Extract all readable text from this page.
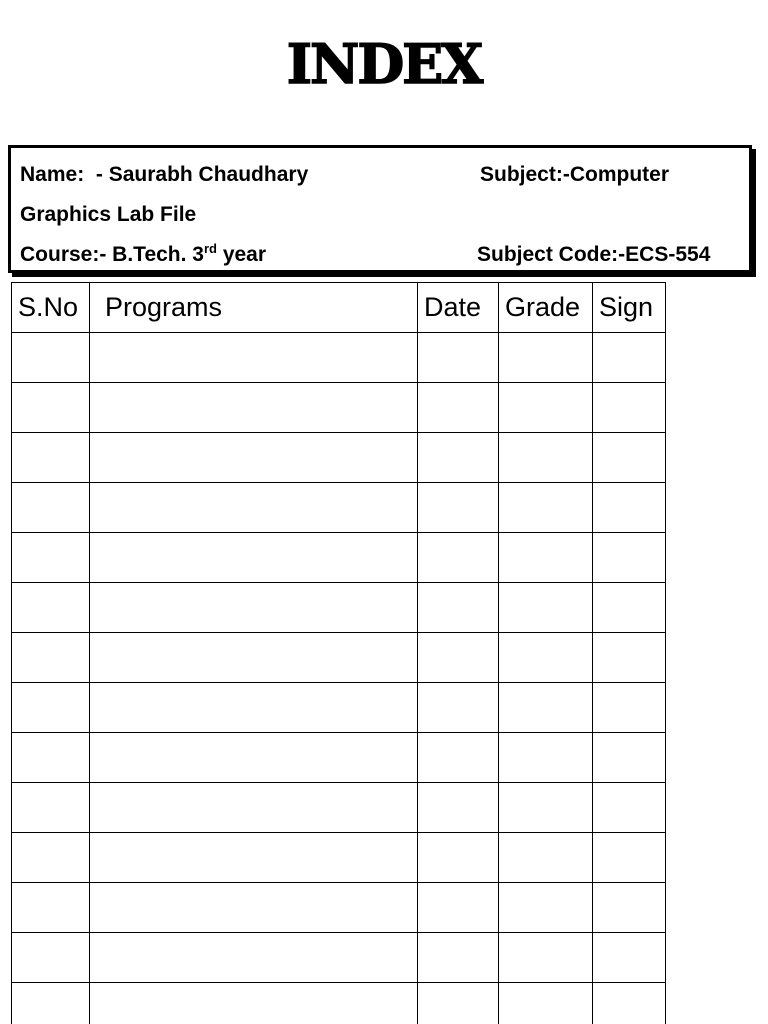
INDEX
Name: - Saurabh Chaudhary	Subject:-Computer
Graphics Lab File
Course:- B.Tech. 3rd year	Subject Code:-ECS-554
S.No	Programs	Date	Grade	Sign
